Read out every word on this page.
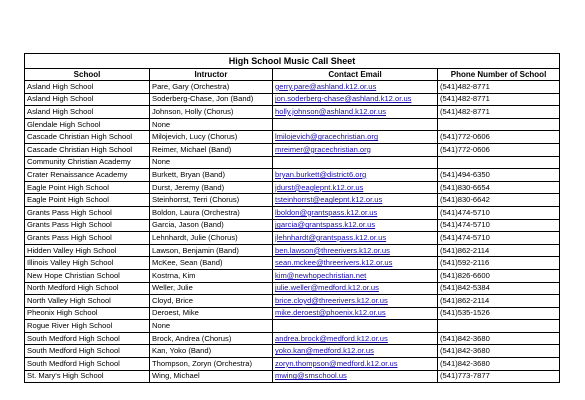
High School Music Call Sheet			
School	Intructor	Contact Email	Phone Number of School
Asland High School	Pare, Gary (Orchestra)	gerry.pare@ashland.k12.or.us	(541)482-8771
Asland High School	Soderberg-Chase, Jon (Band)	jon.soderberg-chase@ashland.k12.or.us	(541)482-8771
Asland High School	Johnson, Holly (Chorus)	holly.johnson@ashland.k12.or.us	(541)482-8771
Glendale High School	None		
Cascade Christian High School	Milojevich, Lucy (Chorus)	lmilojevich@gracechristian.org	(541)772-0606
Cascade Christian High School	Reimer, Michael (Band)	mreimer@gracechristian.org	(541)772-0606
Community Christian Academy	None		
Crater Renaissance Academy	Burkett, Bryan (Band)	bryan.burkett@district6.org	(541)494-6350
Eagle Point High School	Durst, Jeremy (Band)	jdurst@eaglepnt.k12.or.us	(541)830-6654
Eagle Point High School	Steinhorrst, Terri (Chorus)	tsteinhorrst@eaglepnt.k12.or.us	(541)830-6642
Grants Pass High School	Boldon, Laura (Orchestra)	lboldon@grantspass.k12.or.us	(541)474-5710
Grants Pass High School	Garcia, Jason (Band)	jgarcia@grantspass.k12.or.us	(541)474-5710
Grants Pass High School	Lehnhardt, Julie (Chorus)	jlehnhardt@grantspass.k12.or.us	(541)474-5710
Hidden Valley High School	Lawson, Benjamin (Band)	ben.lawson@threerivers.k12.or.us	(541)862-2114
Illinois Valley High School	McKee, Sean (Band)	sean.mckee@threerivers.k12.or.us	(541)592-2116
New Hope Christian School	Kostrna, Kim	kim@newhopechristian.net	(541)826-6600
North Medford High School	Weller, Julie	julie.weller@medford.k12.or.us	(541)842-5384
North Valley High School	Cloyd, Brice	brice.cloyd@threerivers.k12.or.us	(541)862-2114
Pheonix High School	Deroest, Mike	mike.deroest@phoenix.k12.or.us	(541)535-1526
Rogue River High School	None		
South Medford High School	Brock, Andrea (Chorus)	andrea.brock@medford.k12.or.us	(541)842-3680
South Medford High School	Kan, Yoko (Band)	yoko.kan@medford.k12.or.us	(541)842-3680
South Medford High School	Thompson, Zoryn (Orchestra)	zoryn.thompson@medford.k12.or.us	(541)842-3680
St. Mary's High School	Wing, Michael	mwing@smschool.us	(541)773-7877
